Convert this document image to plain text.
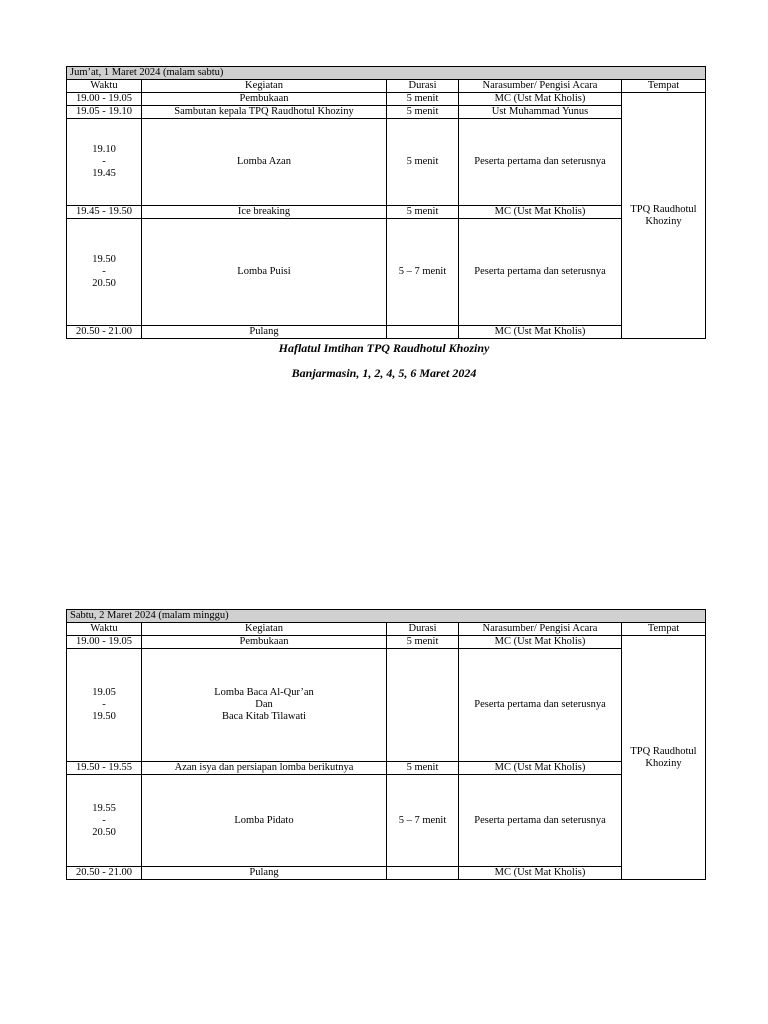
Jum’at, 1 Maret 2024 (malam sabtu)				
Waktu	Kegiatan	Durasi	Narasumber/ Pengisi Acara	Tempat
19.00 - 19.05	Pembukaan	5 menit	MC (Ust Mat Kholis)	TPQ Raudhotul Khoziny
19.05 - 19.10	Sambutan kepala TPQ Raudhotul Khoziny	5 menit	Ust Muhammad Yunus	

19.10
-
19.45	Lomba Azan	5 menit	Peserta pertama dan seterusnya	
19.45 - 19.50	Ice breaking	5 menit	MC (Ust Mat Kholis)	

19.50
-
20.50	Lomba Puisi	5 – 7 menit	Peserta pertama dan seterusnya	
20.50 - 21.00	Pulang		MC (Ust Mat Kholis)	
Haflatul Imtihan TPQ Raudhotul Khoziny
Banjarmasin, 1, 2, 4, 5, 6 Maret 2024
Sabtu, 2 Maret 2024 (malam minggu)				
Waktu	Kegiatan	Durasi	Narasumber/ Pengisi Acara	Tempat
19.00 - 19.05	Pembukaan	5 menit	MC (Ust Mat Kholis)	TPQ Raudhotul Khoziny

19.05
-
19.50	Lomba Baca Al-Qur’an
Dan
Baca Kitab Tilawati		Peserta pertama dan seterusnya	
19.50 - 19.55	Azan isya dan persiapan lomba berikutnya	5 menit	MC (Ust Mat Kholis)	

19.55
-
20.50	Lomba Pidato	5 – 7 menit	Peserta pertama dan seterusnya	
20.50 - 21.00	Pulang		MC (Ust Mat Kholis)	
